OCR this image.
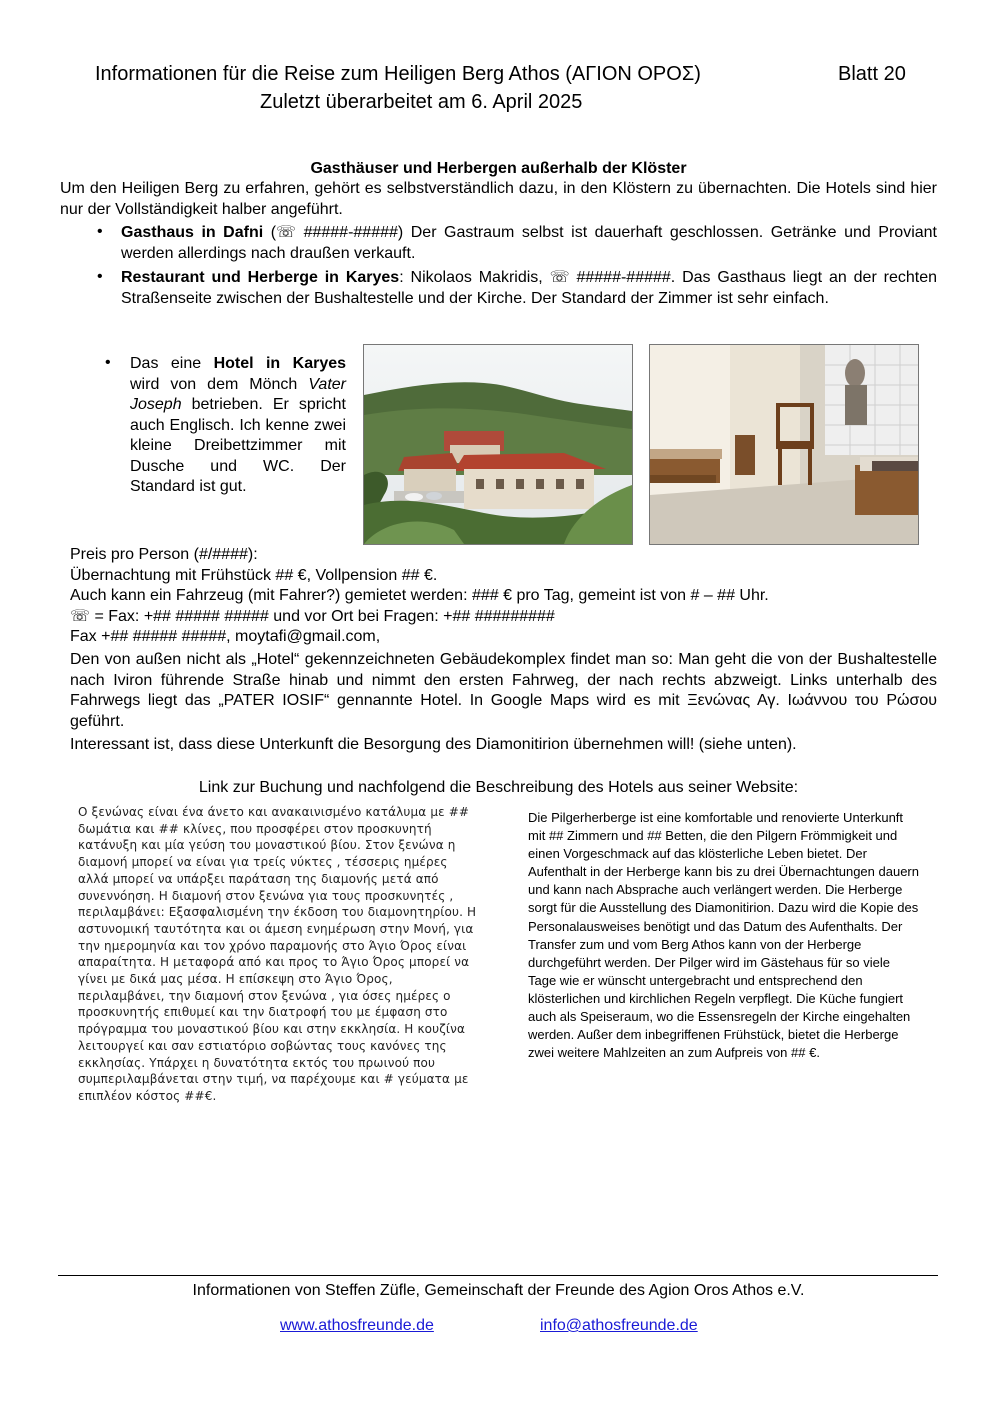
Informationen für die Reise zum Heiligen Berg Athos (ΑΓΙΟΝ ΟΡΟΣ)	Blatt 20
Zuletzt überarbeitet am 6. April 2025
Gasthäuser und Herbergen außerhalb der Klöster
Um den Heiligen Berg zu erfahren, gehört es selbstverständlich dazu, in den Klöstern zu übernachten. Die Hotels sind hier nur der Vollständigkeit halber angeführt.
• Gasthaus in Dafni (☏ #####-#####) Der Gastraum selbst ist dauerhaft geschlossen. Getränke und Proviant werden allerdings nach draußen verkauft.
• Restaurant und Herberge in Karyes: Nikolaos Makridis, ☏ #####-#####. Das Gasthaus liegt an der rechten Straßenseite zwischen der Bushaltestelle und der Kirche. Der Standard der Zimmer ist sehr einfach.
• Das eine Hotel in Karyes wird von dem Mönch Vater Joseph betrieben. Er spricht auch Englisch. Ich kenne zwei kleine Dreibettzimmer mit Dusche und WC. Der Standard ist gut.
Preis pro Person (#/####):
Übernachtung mit Frühstück ## €, Vollpension ## €.
Auch kann ein Fahrzeug (mit Fahrer?) gemietet werden: ### € pro Tag, gemeint ist von # – ## Uhr.
☏ = Fax: +## ##### ##### und vor Ort bei Fragen: +## #########
Fax +## ##### #####, moytafi@gmail.com,
Den von außen nicht als „Hotel“ gekennzeichneten Gebäudekomplex findet man so: Man geht die von der Bushaltestelle nach Iviron führende Straße hinab und nimmt den ersten Fahrweg, der nach rechts abzweigt. Links unterhalb des Fahrwegs liegt das „PATER IOSIF“ gennannte Hotel. In Google Maps wird es mit Ξενώνας Αγ. Ιωάννου του Ρώσου geführt.
Interessant ist, dass diese Unterkunft die Besorgung des Diamonitirion übernehmen will! (siehe unten).
Link zur Buchung und nachfolgend die Beschreibung des Hotels aus seiner Website:
Ο ξενώνας είναι ένα άνετο και ανακαινισμένο κατάλυμα με ## δωμάτια και ## κλίνες, που προσφέρει στον προσκυνητή κατάνυξη και μία γεύση του μοναστικού βίου. Στον ξενώνα η διαμονή μπορεί να είναι για τρείς νύκτες , τέσσερις ημέρες αλλά μπορεί να υπάρξει παράταση της διαμονής μετά από συνεννόηση. Η διαμονή στον ξενώνα για τους προσκυνητές , περιλαμβάνει: Εξασφαλισμένη την έκδοση του διαμονητηρίου. Η αστυνομική ταυτότητα και οι άμεση ενημέρωση στην Μονή, για την ημερομηνία και τον χρόνο παραμονής στο Άγιο Όρος είναι απαραίτητα. Η μεταφορά από και προς το Άγιο Όρος μπορεί να γίνει με δικά μας μέσα. Η επίσκεψη στο Άγιο Όρος, περιλαμβάνει, την διαμονή στον ξενώνα , για όσες ημέρες ο προσκυνητής επιθυμεί και την διατροφή του με έμφαση στο πρόγραμμα του μοναστικού βίου και στην εκκλησία. Η κουζίνα λειτουργεί και σαν εστιατόριο σοβώντας τους κανόνες της εκκλησίας. Υπάρχει η δυνατότητα εκτός του πρωινού που συμπεριλαμβάνεται στην τιμή, να παρέχουμε και # γεύματα με επιπλέον κόστος ##€.
Die Pilgerherberge ist eine komfortable und renovierte Unterkunft mit ## Zimmern und ## Betten, die den Pilgern Frömmigkeit und einen Vorgeschmack auf das klösterliche Leben bietet. Der Aufenthalt in der Herberge kann bis zu drei Übernachtungen dauern und kann nach Absprache auch verlängert werden. Die Herberge sorgt für die Ausstellung des Diamonitirion. Dazu wird die Kopie des Personalausweises benötigt und das Datum des Aufenthalts. Der Transfer zum und vom Berg Athos kann von der Herberge durchgeführt werden. Der Pilger wird im Gästehaus für so viele Tage wie er wünscht untergebracht und entsprechend den klösterlichen und kirchlichen Regeln verpflegt. Die Küche fungiert auch als Speiseraum, wo die Essensregeln der Kirche eingehalten werden. Außer dem inbegriffenen Frühstück, bietet die Herberge zwei weitere Mahlzeiten an zum Aufpreis von ## €.
Informationen von Steffen Züfle, Gemeinschaft der Freunde des Agion Oros Athos e.V.
www.athosfreunde.de	info@athosfreunde.de
